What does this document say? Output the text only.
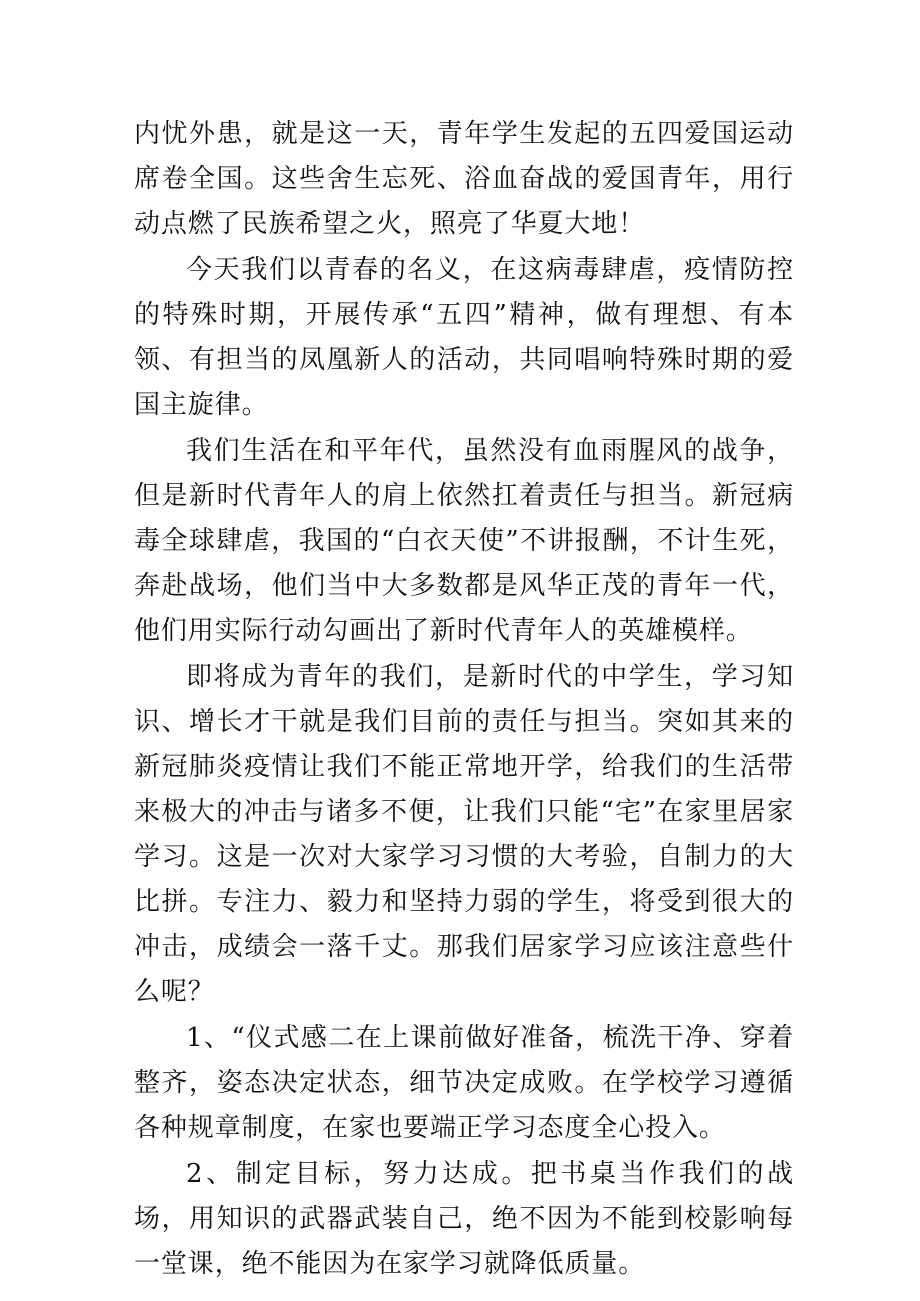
内忧外患，就是这一天，青年学生发起的五四爱国运动席卷全国。这些舍生忘死、浴血奋战的爱国青年，用行动点燃了民族希望之火，照亮了华夏大地！

今天我们以青春的名义，在这病毒肆虐，疫情防控的特殊时期，开展传承“五四”精神，做有理想、有本领、有担当的凤凰新人的活动，共同唱响特殊时期的爱国主旋律。

我们生活在和平年代，虽然没有血雨腥风的战争，但是新时代青年人的肩上依然扛着责任与担当。新冠病毒全球肆虐，我国的“白衣天使”不讲报酬，不计生死，奔赴战场，他们当中大多数都是风华正茂的青年一代，他们用实际行动勾画出了新时代青年人的英雄模样。

即将成为青年的我们，是新时代的中学生，学习知识、增长才干就是我们目前的责任与担当。突如其来的新冠肺炎疫情让我们不能正常地开学，给我们的生活带来极大的冲击与诸多不便，让我们只能“宅”在家里居家学习。这是一次对大家学习习惯的大考验，自制力的大比拼。专注力、毅力和坚持力弱的学生，将受到很大的冲击，成绩会一落千丈。那我们居家学习应该注意些什么呢？

1、“仪式感二在上课前做好准备，梳洗干净、穿着整齐，姿态决定状态，细节决定成败。在学校学习遵循各种规章制度，在家也要端正学习态度全心投入。

2、制定目标，努力达成。把书桌当作我们的战场，用知识的武器武装自己，绝不因为不能到校影响每一堂课，绝不能因为在家学习就降低质量。
